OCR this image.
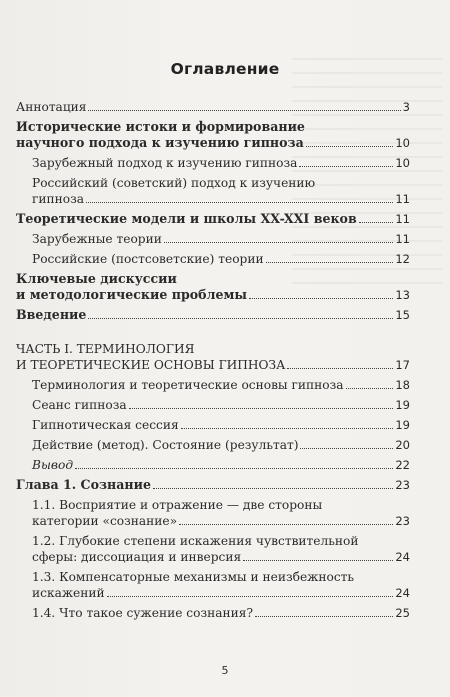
Оглавление
Аннотация	3
Исторические истоки и формирование
научного подхода к изучению гипноза	10
Зарубежный подход к изучению гипноза	10
Российский (советский) подход к изучению
гипноза	11
Теоретические модели и школы XX-XXI веков	11
Зарубежные теории	11
Российские (постсоветские) теории	12
Ключевые дискуссии
и методологические проблемы	13
Введение	15
ЧАСТЬ I. ТЕРМИНОЛОГИЯ
И ТЕОРЕТИЧЕСКИЕ ОСНОВЫ ГИПНОЗА	17
Терминология и теоретические основы гипноза	18
Сеанс гипноза	19
Гипнотическая сессия	19
Действие (метод). Состояние (результат)	20
Вывод	22
Глава 1. Сознание	23
1.1. Восприятие и отражение — две стороны
категории «сознание»	23
1.2. Глубокие степени искажения чувствительной
сферы: диссоциация и инверсия	24
1.3. Компенсаторные механизмы и неизбежность
искажений	24
1.4. Что такое сужение сознания?	25
5
